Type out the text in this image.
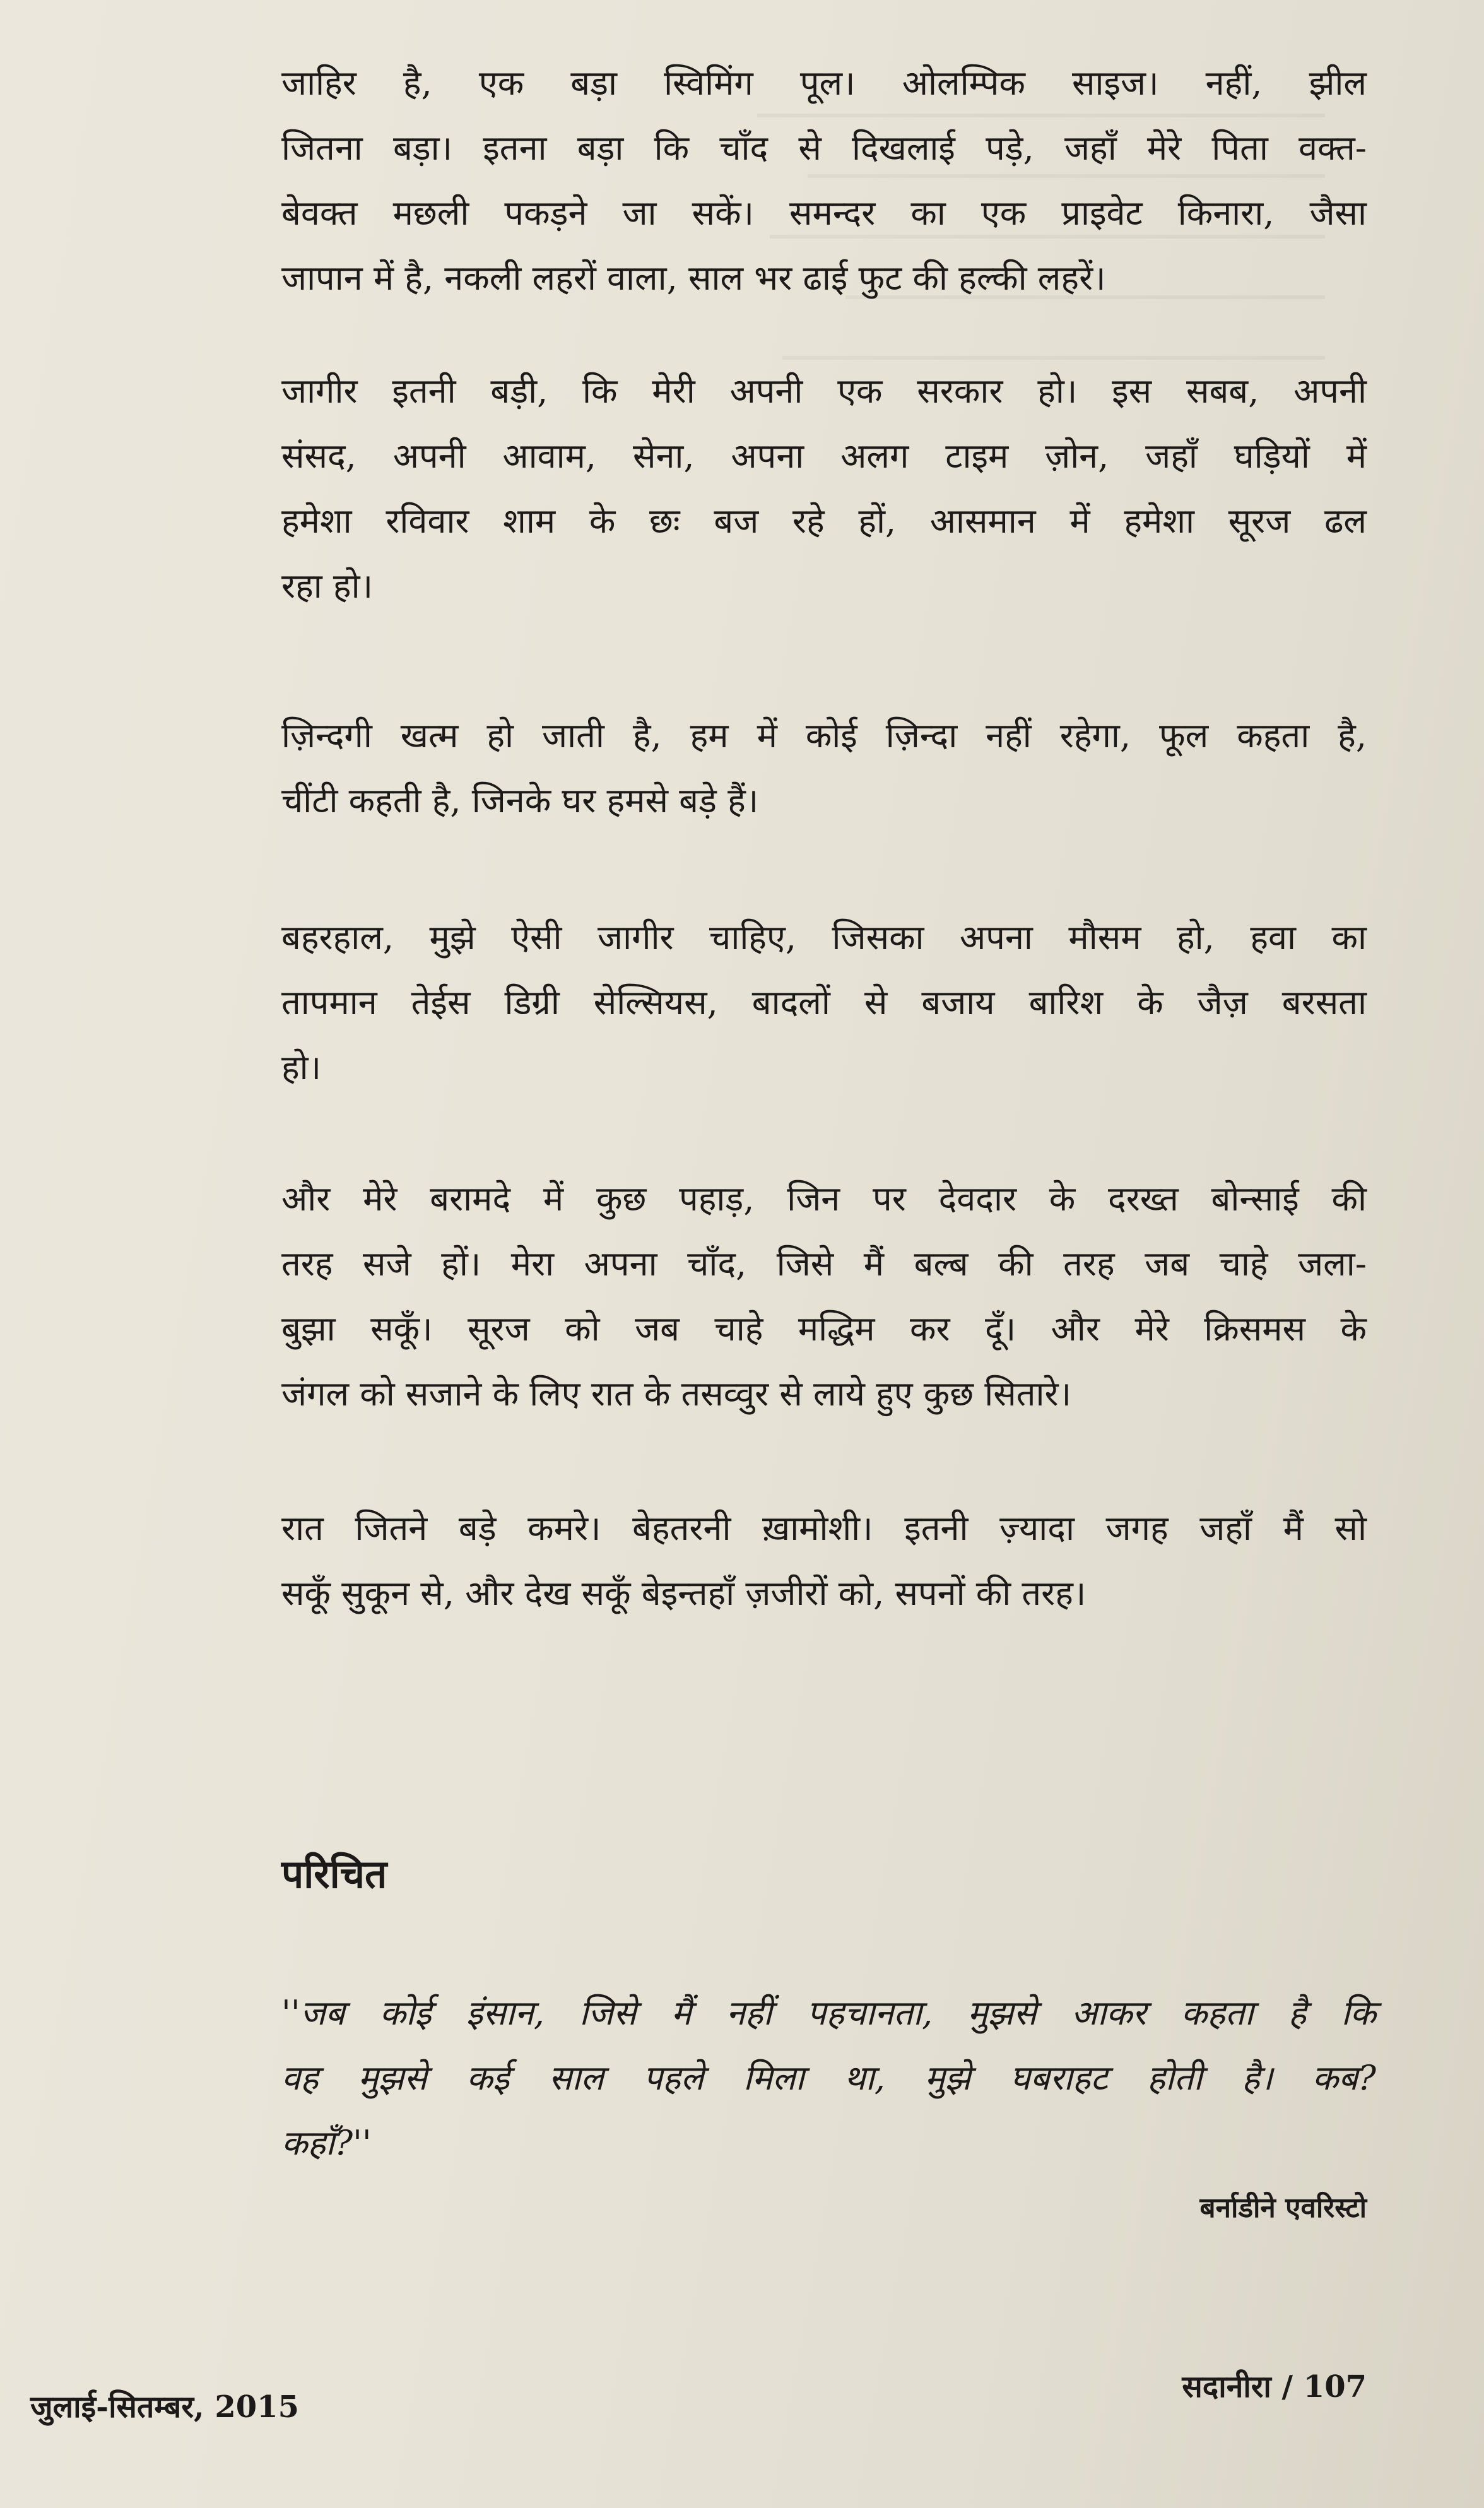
जाहिर है, एक बड़ा स्विमिंग पूल। ओलम्पिक साइज। नहीं, झील
जितना बड़ा। इतना बड़ा कि चाँद से दिखलाई पड़े, जहाँ मेरे पिता वक्त-
बेवक्त मछली पकड़ने जा सकें। समन्दर का एक प्राइवेट किनारा, जैसा
जापान में है, नकली लहरों वाला, साल भर ढाई फुट की हल्की लहरें।

जागीर इतनी बड़ी, कि मेरी अपनी एक सरकार हो। इस सबब, अपनी
संसद, अपनी आवाम, सेना, अपना अलग टाइम ज़ोन, जहाँ घड़ियों में
हमेशा रविवार शाम के छः बज रहे हों, आसमान में हमेशा सूरज ढल
रहा हो।

ज़िन्दगी खत्म हो जाती है, हम में कोई ज़िन्दा नहीं रहेगा, फूल कहता है,
चींटी कहती है, जिनके घर हमसे बड़े हैं।

बहरहाल, मुझे ऐसी जागीर चाहिए, जिसका अपना मौसम हो, हवा का
तापमान तेईस डिग्री सेल्सियस, बादलों से बजाय बारिश के जैज़ बरसता
हो।

और मेरे बरामदे में कुछ पहाड़, जिन पर देवदार के दरख्त बोन्साई की
तरह सजे हों। मेरा अपना चाँद, जिसे मैं बल्ब की तरह जब चाहे जला-
बुझा सकूँ। सूरज को जब चाहे मद्धिम कर दूँ। और मेरे क्रिसमस के
जंगल को सजाने के लिए रात के तसव्वुर से लाये हुए कुछ सितारे।

रात जितने बड़े कमरे। बेहतरनी ख़ामोशी। इतनी ज़्यादा जगह जहाँ मैं सो
सकूँ सुकून से, और देख सकूँ बेइन्तहाँ ज़जीरों को, सपनों की तरह।

परिचित

''जब कोई इंसान, जिसे मैं नहीं पहचानता, मुझसे आकर कहता है कि
वह मुझसे कई साल पहले मिला था, मुझे घबराहट होती है। कब?
कहाँ?''

बर्नाडीने एवरिस्टो

जुलाई-सितम्बर, 2015
सदानीरा / 107
